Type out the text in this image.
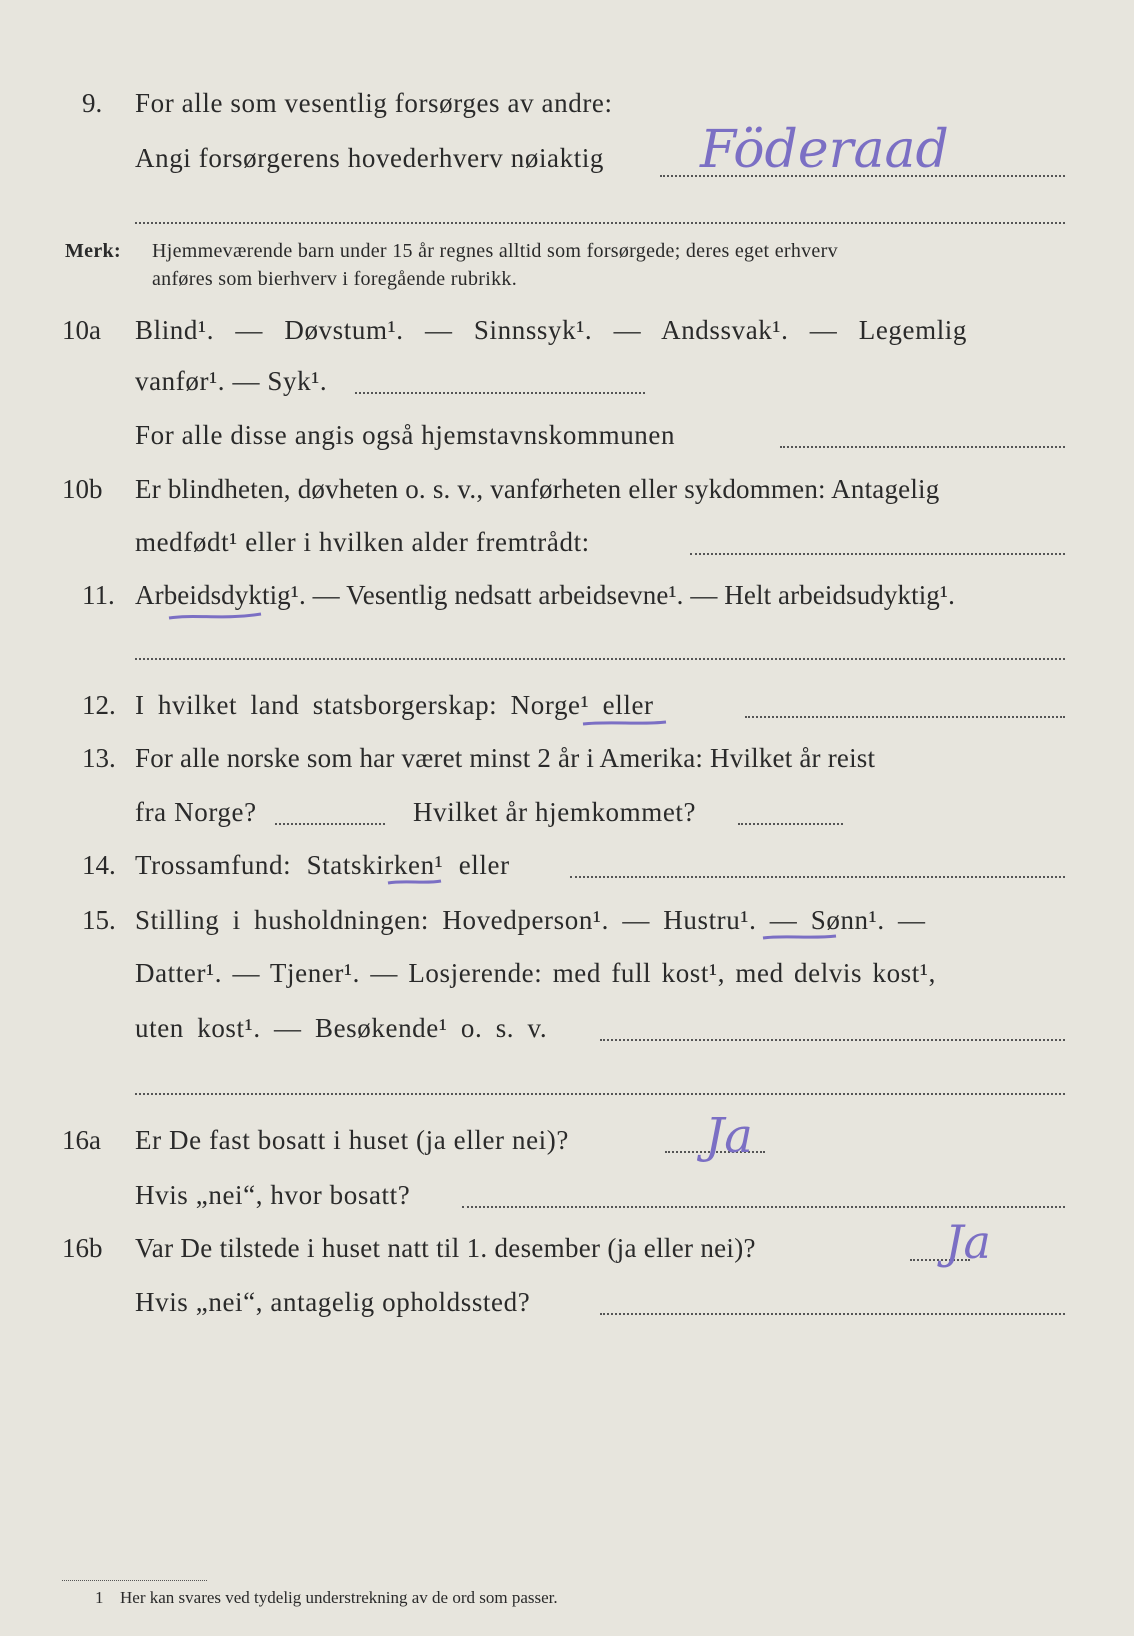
9. For alle som vesentlig forsørges av andre:
Angi forsørgerens hovederhverv nøiaktig Föderaad
Merk: Hjemmeværende barn under 15 år regnes alltid som forsørgede; deres eget erhverv
anføres som bierhverv i foregående rubrikk.
10a Blind¹. — Døvstum¹. — Sinnssyk¹. — Andssvak¹. — Legemlig
vanfør¹. — Syk¹.
For alle disse angis også hjemstavnskommunen
10b Er blindheten, døvheten o. s. v., vanførheten eller sykdommen: Antagelig
medfødt¹ eller i hvilken alder fremtrådt:
11. Arbeidsdyktig¹. — Vesentlig nedsatt arbeidsevne¹. — Helt arbeidsudyktig¹.
12. I hvilket land statsborgerskap: Norge¹ eller
13. For alle norske som har været minst 2 år i Amerika: Hvilket år reist
fra Norge?	Hvilket år hjemkommet?
14. Trossamfund: Statskirken¹ eller
15. Stilling i husholdningen: Hovedperson¹. — Hustru¹. — Sønn¹. —
Datter¹. — Tjener¹. — Losjerende: med full kost¹, med delvis kost¹,
uten kost¹. — Besøkende¹ o. s. v.
16a Er De fast bosatt i huset (ja eller nei)?	Ja
Hvis „nei“, hvor bosatt?
16b Var De tilstede i huset natt til 1. desember (ja eller nei)?	Ja
Hvis „nei“, antagelig opholdssted?
1 Her kan svares ved tydelig understrekning av de ord som passer.
